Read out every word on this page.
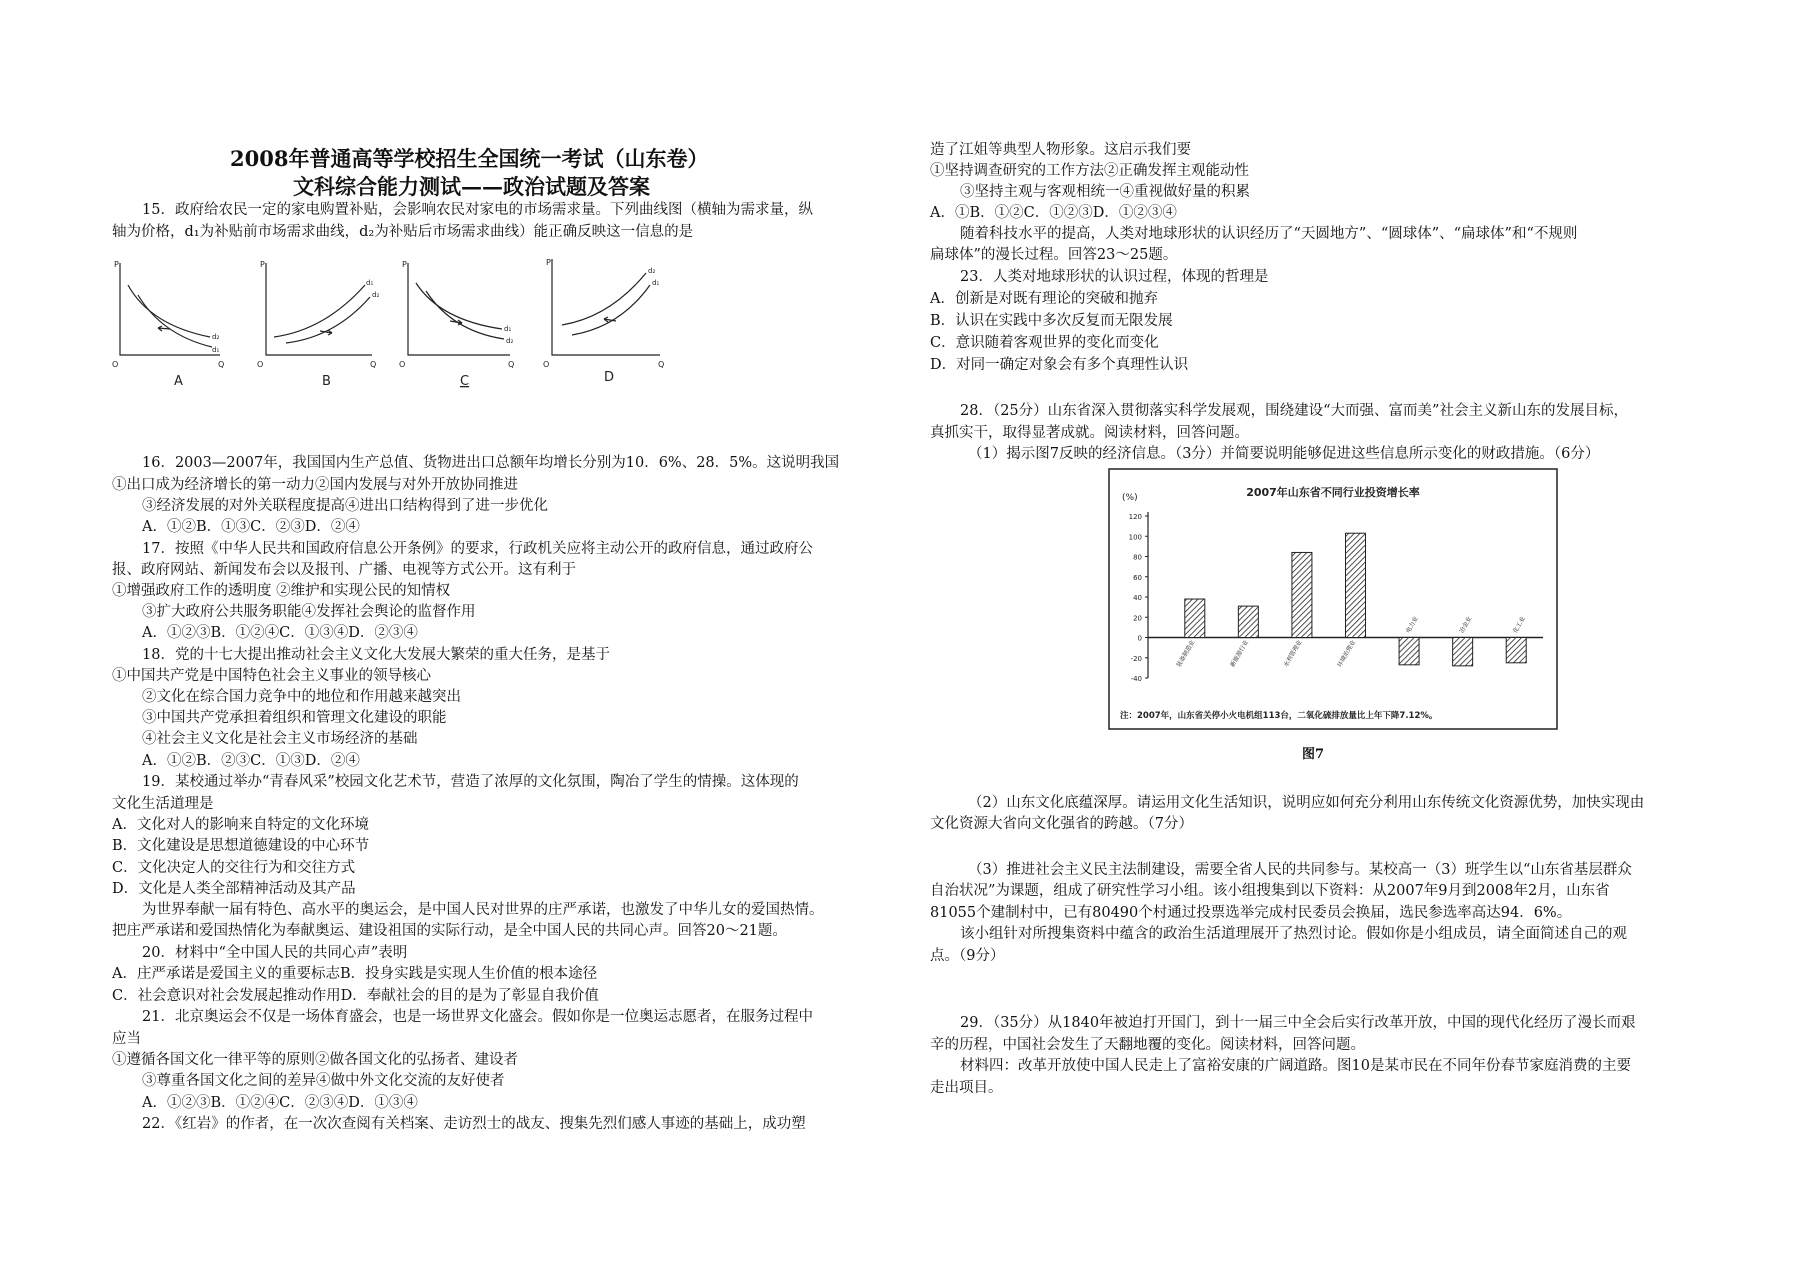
2008年普通高等学校招生全国统一考试（山东卷）
文科综合能力测试——政治试题及答案
15．政府给农民一定的家电购置补贴，会影响农民对家电的市场需求量。下列曲线图（横轴为需求量，纵
轴为价格，d₁为补贴前市场需求曲线，d₂为补贴后市场需求曲线）能正确反映这一信息的是
P
Q
O
d₂
d₁
A
P
Q
O
d₁
d₂
B
P
Q
O
d₁
d₂
C
P
Q
O
d₂
d₁
D
16．2003—2007年，我国国内生产总值、货物进出口总额年均增长分别为10．6%、28．5%。这说明我国
①出口成为经济增长的第一动力②国内发展与对外开放协同推进
③经济发展的对外关联程度提高④进出口结构得到了进一步优化
A．①②B．①③C．②③D．②④
17．按照《中华人民共和国政府信息公开条例》的要求，行政机关应将主动公开的政府信息，通过政府公
报、政府网站、新闻发布会以及报刊、广播、电视等方式公开。这有利于
①增强政府工作的透明度 ②维护和实现公民的知情权
③扩大政府公共服务职能④发挥社会舆论的监督作用
A．①②③B．①②④C．①③④D．②③④
18．党的十七大提出推动社会主义文化大发展大繁荣的重大任务，是基于
①中国共产党是中国特色社会主义事业的领导核心
②文化在综合国力竞争中的地位和作用越来越突出
③中国共产党承担着组织和管理文化建设的职能
④社会主义文化是社会主义市场经济的基础
A．①②B．②③C．①③D．②④
19．某校通过举办“青春风采”校园文化艺术节，营造了浓厚的文化氛围，陶冶了学生的情操。这体现的
文化生活道理是
A．文化对人的影响来自特定的文化环境
B．文化建设是思想道德建设的中心环节
C．文化决定人的交往行为和交往方式
D．文化是人类全部精神活动及其产品
为世界奉献一届有特色、高水平的奥运会，是中国人民对世界的庄严承诺，也激发了中华儿女的爱国热情。
把庄严承诺和爱国热情化为奉献奥运、建设祖国的实际行动，是全中国人民的共同心声。回答20～21题。
20．材料中“全中国人民的共同心声”表明
A．庄严承诺是爱国主义的重要标志B．投身实践是实现人生价值的根本途径
C．社会意识对社会发展起推动作用D．奉献社会的目的是为了彰显自我价值
21．北京奥运会不仅是一场体育盛会，也是一场世界文化盛会。假如你是一位奥运志愿者，在服务过程中
应当
①遵循各国文化一律平等的原则②做各国文化的弘扬者、建设者
③尊重各国文化之间的差异④做中外文化交流的友好使者
A．①②③B．①②④C．②③④D．①③④
22．《红岩》的作者，在一次次查阅有关档案、走访烈士的战友、搜集先烈们感人事迹的基础上，成功塑
造了江姐等典型人物形象。这启示我们要
①坚持调查研究的工作方法②正确发挥主观能动性
③坚持主观与客观相统一④重视做好量的积累
A．①B．①②C．①②③D．①②③④
随着科技水平的提高，人类对地球形状的认识经历了“天圆地方”、“圆球体”、“扁球体”和“不规则
扁球体”的漫长过程。回答23～25题。
23．人类对地球形状的认识过程，体现的哲理是
A．创新是对既有理论的突破和抛弃
B．认识在实践中多次反复而无限发展
C．意识随着客观世界的变化而变化
D．对同一确定对象会有多个真理性认识
28．（25分）山东省深入贯彻落实科学发展观，围绕建设“大而强、富而美”社会主义新山东的发展目标，
真抓实干，取得显著成就。阅读材料，回答问题。
（1）揭示图7反映的经济信息。（3分）并简要说明能够促进这些信息所示变化的财政措施。（6分）
2007年山东省不同行业投资增长率
(%)
-40
-20
0
20
40
60
80
100
120
装备制造业	新能源行业	水利管理业	环境治理业
电力业	冶金业	化工业
注：2007年，山东省关停小火电机组113台，二氧化硫排放量比上年下降7.12%。
图7
（2）山东文化底蕴深厚。请运用文化生活知识，说明应如何充分利用山东传统文化资源优势，加快实现由
文化资源大省向文化强省的跨越。（7分）
（3）推进社会主义民主法制建设，需要全省人民的共同参与。某校高一（3）班学生以“山东省基层群众
自治状况”为课题，组成了研究性学习小组。该小组搜集到以下资料：从2007年9月到2008年2月，山东省
81055个建制村中，已有80490个村通过投票选举完成村民委员会换届，选民参选率高达94．6%。
该小组针对所搜集资料中蕴含的政治生活道理展开了热烈讨论。假如你是小组成员，请全面简述自己的观
点。（9分）
29．（35分）从1840年被迫打开国门，到十一届三中全会后实行改革开放，中国的现代化经历了漫长而艰
辛的历程，中国社会发生了天翻地覆的变化。阅读材料，回答问题。
材料四：改革开放使中国人民走上了富裕安康的广阔道路。图10是某市民在不同年份春节家庭消费的主要
走出项目。
